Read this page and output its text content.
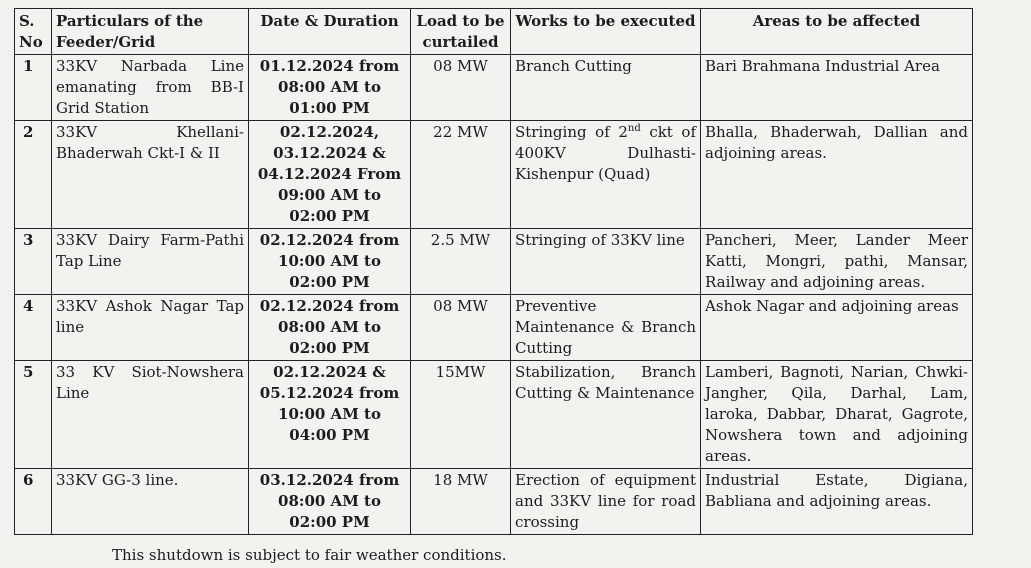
S. No	Particulars of the Feeder/Grid	Date & Duration	Load to be curtailed	Works to be executed	Areas to be affected
1	33KV Narbada Line emanating from BB-I Grid Station	01.12.2024 from
08:00 AM to
01:00 PM	08 MW	Branch Cutting	Bari Brahmana Industrial Area
2	33KV Khellani-Bhaderwah Ckt-I & II	02.12.2024,
03.12.2024 &
04.12.2024 From
09:00 AM to
02:00 PM	22 MW	Stringing of 2nd ckt of 400KV Dulhasti-Kishenpur (Quad)	Bhalla, Bhaderwah, Dallian and adjoining areas.
3	33KV Dairy Farm-Pathi Tap Line	02.12.2024 from
10:00 AM to
02:00 PM	2.5 MW	Stringing of 33KV line	Pancheri, Meer, Lander Meer Katti, Mongri, pathi, Mansar, Railway and adjoining areas.
4	33KV Ashok Nagar Tap line	02.12.2024 from
08:00 AM to
02:00 PM	08 MW	Preventive Maintenance & Branch Cutting	Ashok Nagar and adjoining areas
5	33 KV Siot-Nowshera Line	02.12.2024 &
05.12.2024 from
10:00 AM to
04:00 PM	15MW	Stabilization, Branch Cutting & Maintenance	Lamberi, Bagnoti, Narian, Chwki-Jangher, Qila, Darhal, Lam, laroka, Dabbar, Dharat, Gagrote, Nowshera town and adjoining areas.
6	33KV GG-3 line.	03.12.2024 from
08:00 AM to
02:00 PM	18 MW	Erection of equipment and 33KV line for road crossing	Industrial Estate, Digiana, Babliana and adjoining areas.
This shutdown is subject to fair weather conditions.
